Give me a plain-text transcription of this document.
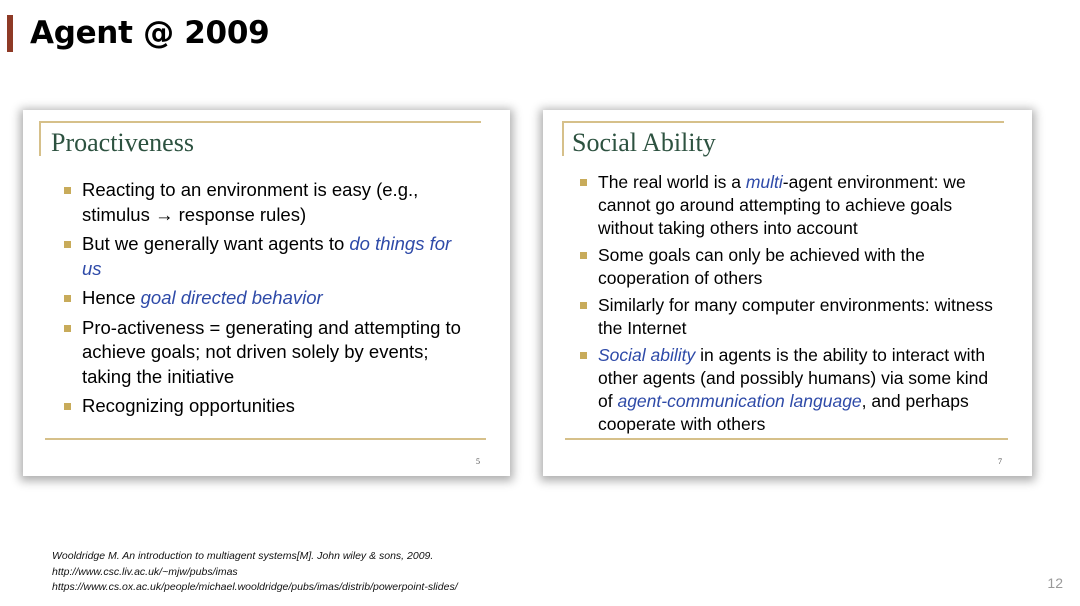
Agent @ 2009
Proactiveness
Reacting to an environment is easy (e.g., stimulus → response rules)
But we generally want agents to do things for us
Hence goal directed behavior
Pro-activeness = generating and attempting to achieve goals; not driven solely by events; taking the initiative
Recognizing opportunities
5
Social Ability
The real world is a multi-agent environment: we cannot go around attempting to achieve goals without taking others into account
Some goals can only be achieved with the cooperation of others
Similarly for many computer environments: witness the Internet
Social ability in agents is the ability to interact with other agents (and possibly humans) via some kind of agent-communication language, and perhaps cooperate with others
7
Wooldridge M. An introduction to multiagent systems[M]. John wiley & sons, 2009.
http://www.csc.liv.ac.uk/~mjw/pubs/imas
https://www.cs.ox.ac.uk/people/michael.wooldridge/pubs/imas/distrib/powerpoint-slides/	12
